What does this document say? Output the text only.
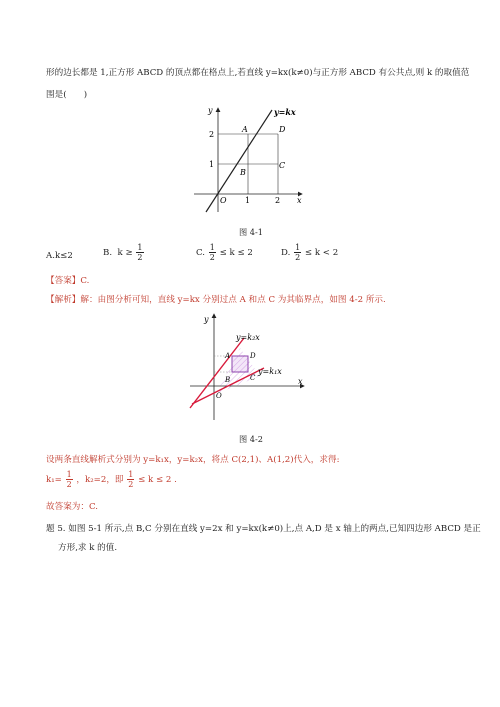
形的边长都是 1,正方形 ABCD 的顶点都在格点上,若直线 y=kx(k≠0)与正方形 ABCD 有公共点,则 k 的取值范
围是(　　)
y
x
y=kx
2
1
1	2
O
A
B
C
D
图 4-1
A.k≤2	B. $k \ge \frac{1}{2}$	C. $\frac{1}{2} \le k \le 2$	D. $\frac{1}{2} \le k < 2$
【答案】C.
【解析】解：由图分析可知，直线 y=kx 分别过点 A 和点 C 为其临界点，如图 4-2 所示.
y
x
y=k₂x
y=k₁x
O
A	D
B	C
图 4-2
设两条直线解析式分别为 y=k₁x，y=k₂x，将点 C(2,1)、A(1,2)代入，求得:
$k_1= \frac{1}{2}$ ，k₂=2，即 $\frac{1}{2} \le k \le 2$ .
故答案为：C.
题 5. 如图 5-1 所示,点 B,C 分别在直线 y=2x 和 y=kx(k≠0)上,点 A,D 是 x 轴上的两点,已知四边形 ABCD 是正
方形,求 k 的值.
